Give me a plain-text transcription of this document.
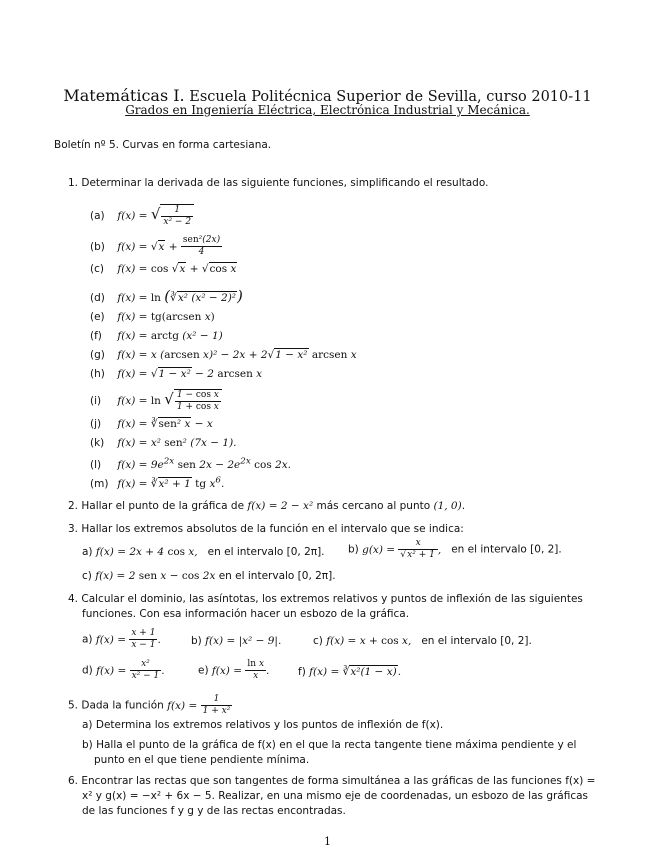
Matemáticas I. Escuela Politécnica Superior de Sevilla, curso 2010-11
Grados en Ingeniería Eléctrica, Electrónica Industrial y Mecánica.
Boletín nº 5. Curvas en forma cartesiana.
1. Determinar la derivada de las siguiente funciones, simplificando el resultado.
(a) f(x) = √ $\frac{1}{\text{x² − 2}}$
(b) $f(x) = √x + \frac{\text{sen²(2x)}}{4}$
(c) f(x) = cos √x + √cos x
(d) f(x) = ln (∛x² (x² − 2)²)
(e) f(x) = tg(arcsen x)
(f) f(x) = arctg (x² − 1)
(g) f(x) = x (arcsen x)² − 2x + 2√1 − x² arcsen x
(h) f(x) = √1 − x² − 2 arcsen x
(i) f(x) = ln √ $\frac{\text{1 − cos x}}{\text{1 + cos x}}$
(j) f(x) = ∛sen² x − x
(k) f(x) = x² sen² (7x − 1).
(l) $f(x) = 9e^{2x}$ sen $2x - 2e^{2x}$ cos 2x.
(m) f(x) = ∛x² + 1 tg $x^6$.
2. Hallar el punto de la gráfica de f(x) = 2 − x² más cercano al punto (1, 0).
3. Hallar los extremos absolutos de la función en el intervalo que se indica:
a) f(x) = 2x + 4 cos x, en el intervalo [0, 2π]. b) $g(x) = \frac{x}{\text{√x² + 1}}$ , en el intervalo [0, 2].
c) f(x) = 2 sen x − cos 2x en el intervalo [0, 2π].
4. Calcular el dominio, las asíntotas, los extremos relativos y puntos de inflexión de las siguientes
funciones. Con esa información hacer un esbozo de la gráfica.
a) $f(x) = \frac{x + 1}{x - 1}$ .	b) f(x) = |x² − 9|.	c) f(x) = x + cos x, en el intervalo [0, 2].
d) $f(x) = \frac{\text{x²}}{\text{x² − 1}}$ .	e) $f(x) = \frac{\text{ln x}}{x}$ .	f) f(x) = ∛x²(1 − x).
5. Dada la función $f(x) = \frac{1}{\text{1 + x²}}$
a) Determina los extremos relativos y los puntos de inflexión de f(x).
b) Halla el punto de la gráfica de f(x) en el que la recta tangente tiene máxima pendiente y el
punto en el que tiene pendiente mínima.
6. Encontrar las rectas que son tangentes de forma simultánea a las gráficas de las funciones f(x) =
x² y g(x) = −x² + 6x − 5. Realizar, en una mismo eje de coordenadas, un esbozo de las gráficas
de las funciones f y g y de las rectas encontradas.
1
